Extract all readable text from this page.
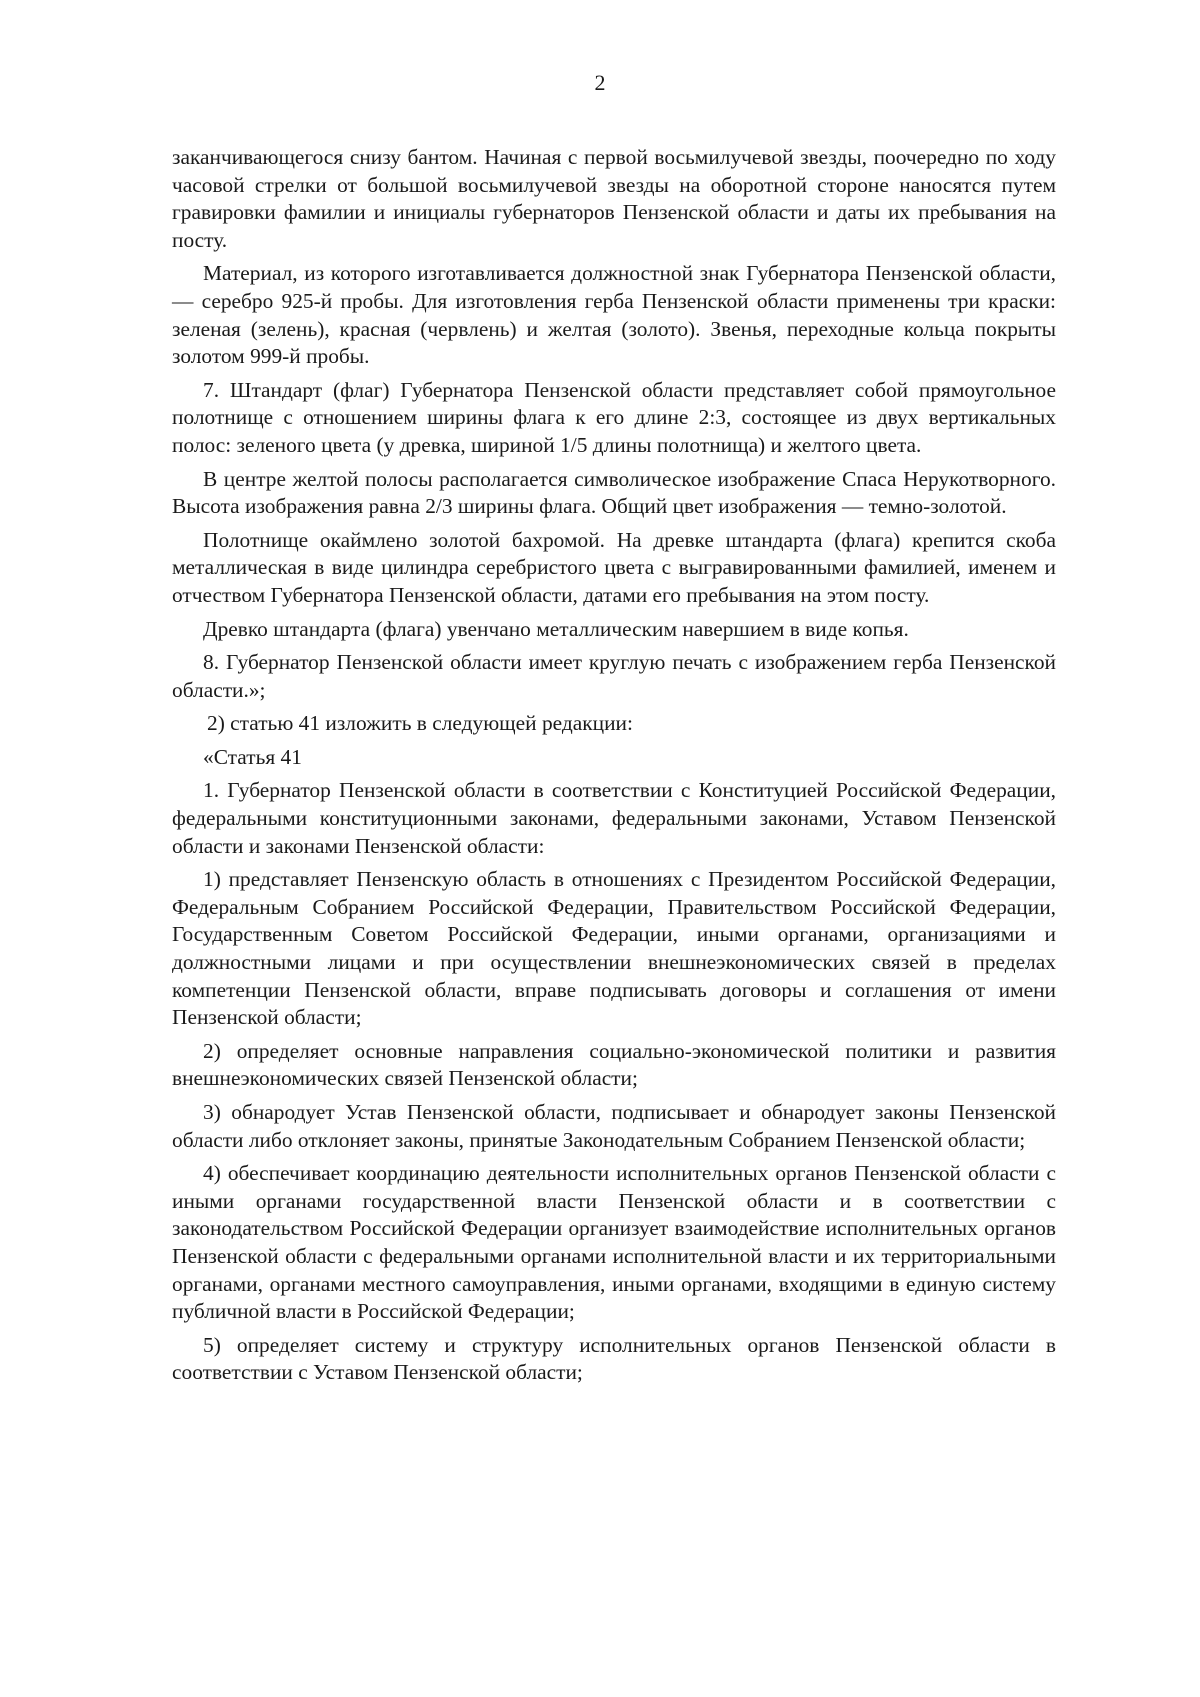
2

заканчивающегося снизу бантом. Начиная с первой восьмилучевой звезды, поочередно по ходу часовой стрелки от большой восьмилучевой звезды на оборотной стороне наносятся путем гравировки фамилии и инициалы губернаторов Пензенской области и даты их пребывания на посту.

Материал, из которого изготавливается должностной знак Губернатора Пензенской области, — серебро 925-й пробы. Для изготовления герба Пензенской области применены три краски: зеленая (зелень), красная (червлень) и желтая (золото). Звенья, переходные кольца покрыты золотом 999-й пробы.

7. Штандарт (флаг) Губернатора Пензенской области представляет собой прямоугольное полотнище с отношением ширины флага к его длине 2:3, состоящее из двух вертикальных полос: зеленого цвета (у древка, шириной 1/5 длины полотнища) и желтого цвета.

В центре желтой полосы располагается символическое изображение Спаса Нерукотворного. Высота изображения равна 2/3 ширины флага. Общий цвет изображения — темно-золотой.

Полотнище окаймлено золотой бахромой. На древке штандарта (флага) крепится скоба металлическая в виде цилиндра серебристого цвета с выгравированными фамилией, именем и отчеством Губернатора Пензенской области, датами его пребывания на этом посту.

Древко штандарта (флага) увенчано металлическим навершием в виде копья.

8. Губернатор Пензенской области имеет круглую печать с изображением герба Пензенской области.»;

2) статью 41 изложить в следующей редакции:

«Статья 41

1. Губернатор Пензенской области в соответствии с Конституцией Российской Федерации, федеральными конституционными законами, федеральными законами, Уставом Пензенской области и законами Пензенской области:

1) представляет Пензенскую область в отношениях с Президентом Российской Федерации, Федеральным Собранием Российской Федерации, Правительством Российской Федерации, Государственным Советом Российской Федерации, иными органами, организациями и должностными лицами и при осуществлении внешнеэкономических связей в пределах компетенции Пензенской области, вправе подписывать договоры и соглашения от имени Пензенской области;

2) определяет основные направления социально-экономической политики и развития внешнеэкономических связей Пензенской области;

3) обнародует Устав Пензенской области, подписывает и обнародует законы Пензенской области либо отклоняет законы, принятые Законодательным Собранием Пензенской области;

4) обеспечивает координацию деятельности исполнительных органов Пензенской области с иными органами государственной власти Пензенской области и в соответствии с законодательством Российской Федерации организует взаимодействие исполнительных органов Пензенской области с федеральными органами исполнительной власти и их территориальными органами, органами местного самоуправления, иными органами, входящими в единую систему публичной власти в Российской Федерации;

5) определяет систему и структуру исполнительных органов Пензенской области в соответствии с Уставом Пензенской области;
